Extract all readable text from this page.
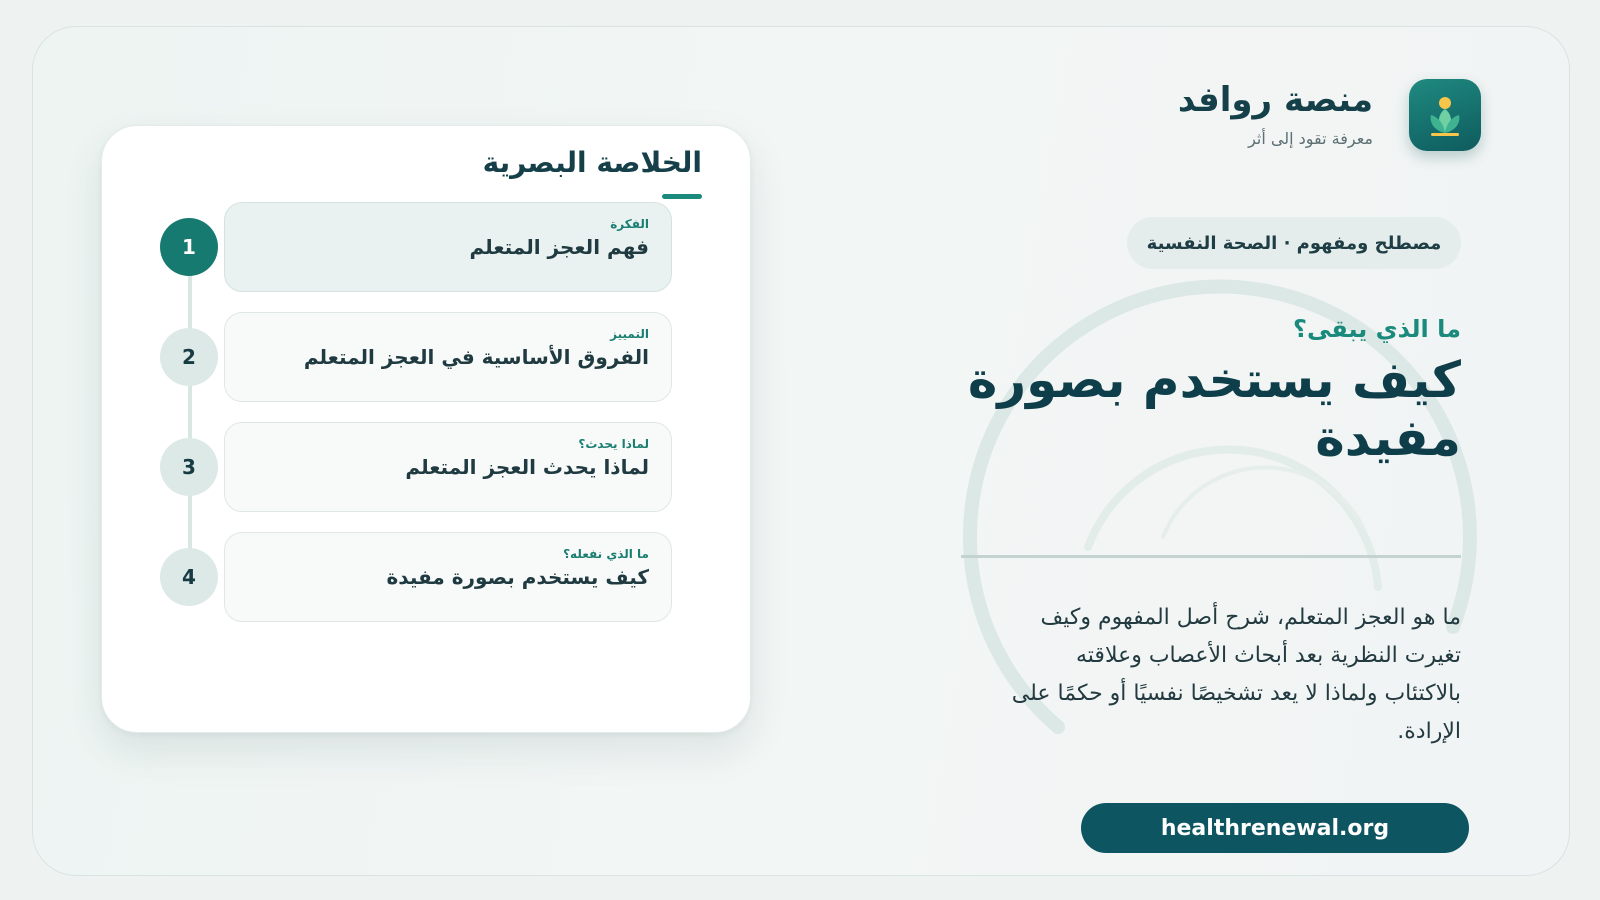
منصة روافد
معرفة تقود إلى أثر
مصطلح ومفهوم · الصحة النفسية
ما الذي يبقى؟
كيف يستخدم بصورة مفيدة
ما هو العجز المتعلم، شرح أصل المفهوم وكيف تغيرت النظرية بعد أبحاث الأعصاب وعلاقته بالاكتئاب ولماذا لا يعد تشخيصًا نفسيًا أو حكمًا على الإرادة.
healthrenewal.org
الخلاصة البصرية
1
الفكرة
فهم العجز المتعلم
2
التمييز
الفروق الأساسية في العجز المتعلم
3
لماذا يحدث؟
لماذا يحدث العجز المتعلم
4
ما الذي نفعله؟
كيف يستخدم بصورة مفيدة
